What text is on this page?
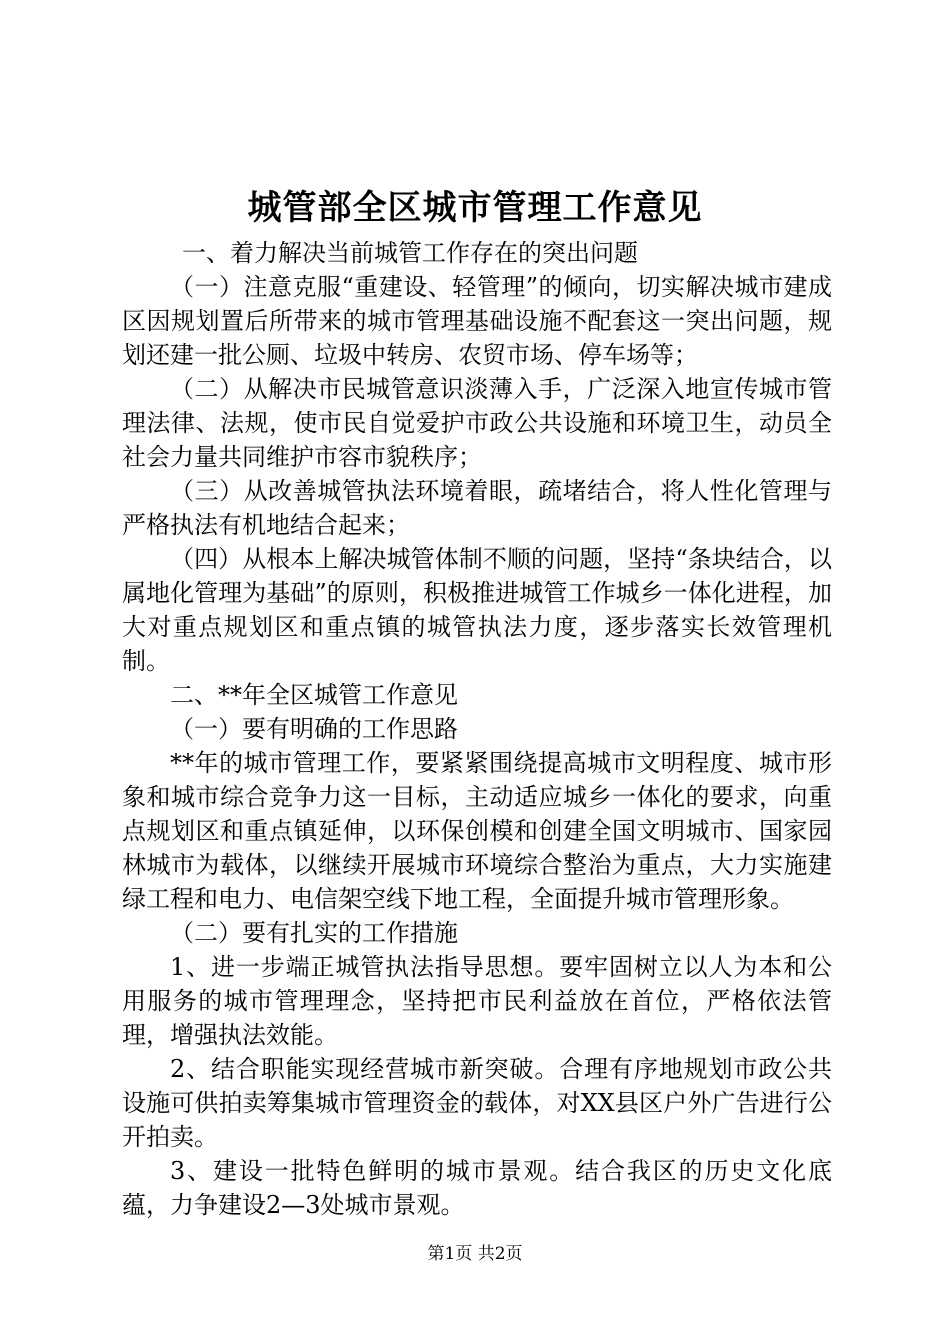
城管部全区城市管理工作意见

一、着力解决当前城管工作存在的突出问题

（一）注意克服“重建设、轻管理”的倾向，切实解决城市建成区因规划置后所带来的城市管理基础设施不配套这一突出问题，规划还建一批公厕、垃圾中转房、农贸市场、停车场等；

（二）从解决市民城管意识淡薄入手，广泛深入地宣传城市管理法律、法规，使市民自觉爱护市政公共设施和环境卫生，动员全社会力量共同维护市容市貌秩序；

（三）从改善城管执法环境着眼，疏堵结合，将人性化管理与严格执法有机地结合起来；

（四）从根本上解决城管体制不顺的问题，坚持“条块结合，以属地化管理为基础”的原则，积极推进城管工作城乡一体化进程，加大对重点规划区和重点镇的城管执法力度，逐步落实长效管理机制。

二、**年全区城管工作意见

（一）要有明确的工作思路

**年的城市管理工作，要紧紧围绕提高城市文明程度、城市形象和城市综合竞争力这一目标，主动适应城乡一体化的要求，向重点规划区和重点镇延伸，以环保创模和创建全国文明城市、国家园林城市为载体，以继续开展城市环境综合整治为重点，大力实施建绿工程和电力、电信架空线下地工程，全面提升城市管理形象。

（二）要有扎实的工作措施

1、进一步端正城管执法指导思想。要牢固树立以人为本和公用服务的城市管理理念，坚持把市民利益放在首位，严格依法管理，增强执法效能。

2、结合职能实现经营城市新突破。合理有序地规划市政公共设施可供拍卖筹集城市管理资金的载体，对XX县区户外广告进行公开拍卖。

3、建设一批特色鲜明的城市景观。结合我区的历史文化底蕴，力争建设2—3处城市景观。

第1页 共2页
